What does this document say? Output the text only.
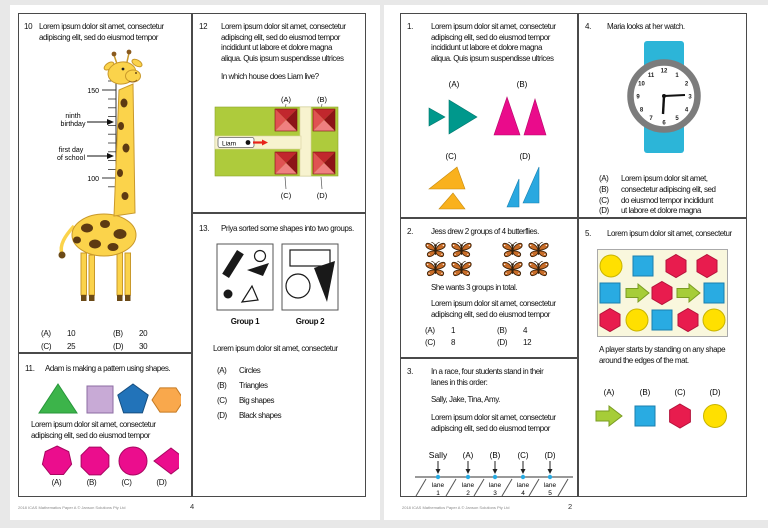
10 Lorem ipsum dolor sit amet, consectetur
adipiscing elit, sed do eiusmod tempor
150
100
ninth
birthday
first day
of school
(A)	10	(B)	20
(C)	25	(D)	30
11. Adam is making a pattern using shapes.
Lorem ipsum dolor sit amet, consectetur
adipiscing elit, sed do eiusmod tempor
(A)	(B)	(C)	(D)
12 Lorem ipsum dolor sit amet, consectetur
adipiscing elit, sed do eiusmod tempor
incididunt ut labore et dolore magna
aliqua. Quis ipsum suspendisse ultrices
In which house does Liam live?
(A)	(B)
(C)	(D)
Liam
13. Priya sorted some shapes into two groups.
Group 1	Group 2
Lorem ipsum dolor sit amet, consectetur
(A)	Circles
(B)	Triangles
(C)	Big shapes
(D)	Black shapes
1. Lorem ipsum dolor sit amet, consectetur
adipiscing elit, sed do eiusmod tempor
incididunt ut labore et dolore magna
aliqua. Quis ipsum suspendisse ultrices
(A)	(B)
(C)	(D)
2. Jess drew 2 groups of 4 butterflies.
She wants 3 groups in total.
Lorem ipsum dolor sit amet, consectetur
adipiscing elit, sed do eiusmod tempor
(A)	1	(B)	4
(C)	8	(D)	12
3. In a race, four students stand in their
lanes in this order:
Sally, Jake, Tina, Amy.
Lorem ipsum dolor sit amet, consectetur
adipiscing elit, sed do eiusmod tempor
Sally (A) (B) (C) (D)
lane
1
lane
2
lane
3
lane
4
lane
5
4. Maria looks at her watch.
12
1
2
3
4
5
6
7
8
9
10
11
(A)	Lorem ipsum dolor sit amet,
(B)	consectetur adipiscing elit, sed
(C)	do eiusmod tempor incididunt
(D)	ut labore et dolore magna
5. Lorem ipsum dolor sit amet, consectetur
A player starts by standing on any shape
around the edges of the mat.
(A)	(B)	(C)	(D)
2018 ICAS Mathematics Paper A © Janson Solutions Pty Ltd	4	2018 ICAS Mathematics Paper A © Janson Solutions Pty Ltd	2
